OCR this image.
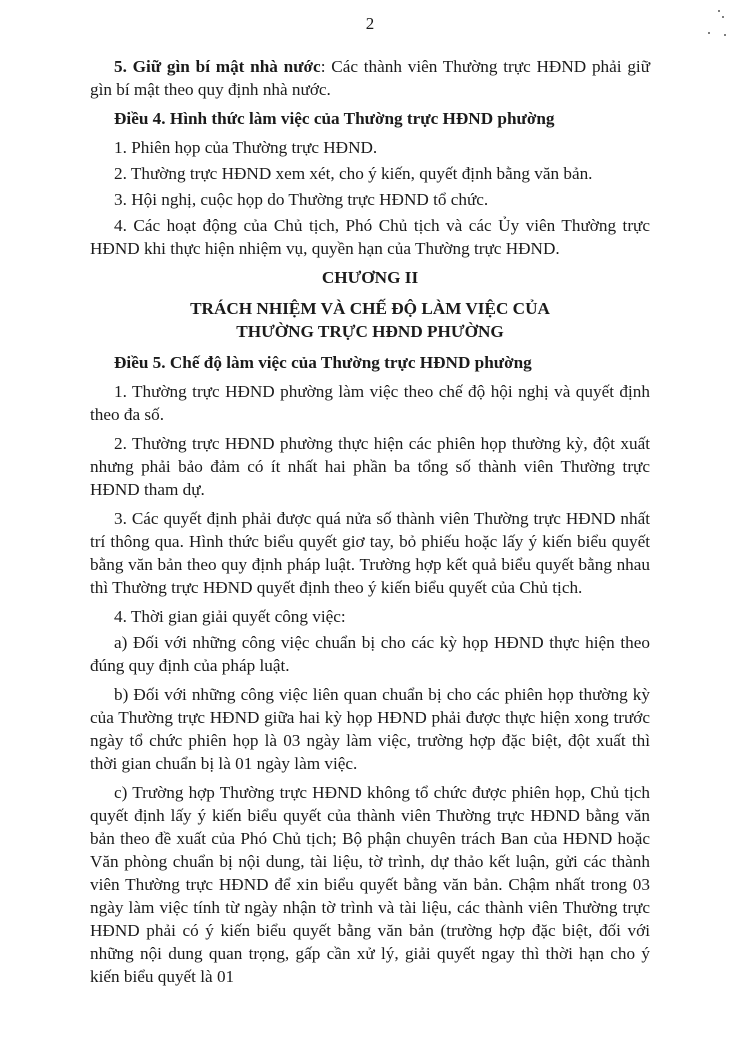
2

5. Giữ gìn bí mật nhà nước: Các thành viên Thường trực HĐND phải giữ gìn bí mật theo quy định nhà nước.

Điều 4. Hình thức làm việc của Thường trực HĐND phường

1. Phiên họp của Thường trực HĐND.

2. Thường trực HĐND xem xét, cho ý kiến, quyết định bằng văn bản.

3. Hội nghị, cuộc họp do Thường trực HĐND tổ chức.

4. Các hoạt động của Chủ tịch, Phó Chủ tịch và các Ủy viên Thường trực HĐND khi thực hiện nhiệm vụ, quyền hạn của Thường trực HĐND.

CHƯƠNG II

TRÁCH NHIỆM VÀ CHẾ ĐỘ LÀM VIỆC CỦA

THƯỜNG TRỰC HĐND PHƯỜNG

Điều 5. Chế độ làm việc của Thường trực HĐND phường

1. Thường trực HĐND phường làm việc theo chế độ hội nghị và quyết định theo đa số.

2. Thường trực HĐND phường thực hiện các phiên họp thường kỳ, đột xuất nhưng phải bảo đảm có ít nhất hai phần ba tổng số thành viên Thường trực HĐND tham dự.

3. Các quyết định phải được quá nửa số thành viên Thường trực HĐND nhất trí thông qua. Hình thức biểu quyết giơ tay, bỏ phiếu hoặc lấy ý kiến biểu quyết bằng văn bản theo quy định pháp luật. Trường hợp kết quả biểu quyết bằng nhau thì Thường trực HĐND quyết định theo ý kiến biểu quyết của Chủ tịch.

4. Thời gian giải quyết công việc:

a) Đối với những công việc chuẩn bị cho các kỳ họp HĐND thực hiện theo đúng quy định của pháp luật.

b) Đối với những công việc liên quan chuẩn bị cho các phiên họp thường kỳ của Thường trực HĐND giữa hai kỳ họp HĐND phải được thực hiện xong trước ngày tổ chức phiên họp là 03 ngày làm việc, trường hợp đặc biệt, đột xuất thì thời gian chuẩn bị là 01 ngày làm việc.

c) Trường hợp Thường trực HĐND không tổ chức được phiên họp, Chủ tịch quyết định lấy ý kiến biểu quyết của thành viên Thường trực HĐND bằng văn bản theo đề xuất của Phó Chủ tịch; Bộ phận chuyên trách Ban của HĐND hoặc Văn phòng chuẩn bị nội dung, tài liệu, tờ trình, dự thảo kết luận, gửi các thành viên Thường trực HĐND để xin biểu quyết bằng văn bản. Chậm nhất trong 03 ngày làm việc tính từ ngày nhận tờ trình và tài liệu, các thành viên Thường trực HĐND phải có ý kiến biểu quyết bằng văn bản (trường hợp đặc biệt, đối với những nội dung quan trọng, gấp cần xử lý, giải quyết ngay thì thời hạn cho ý kiến biểu quyết là 01
